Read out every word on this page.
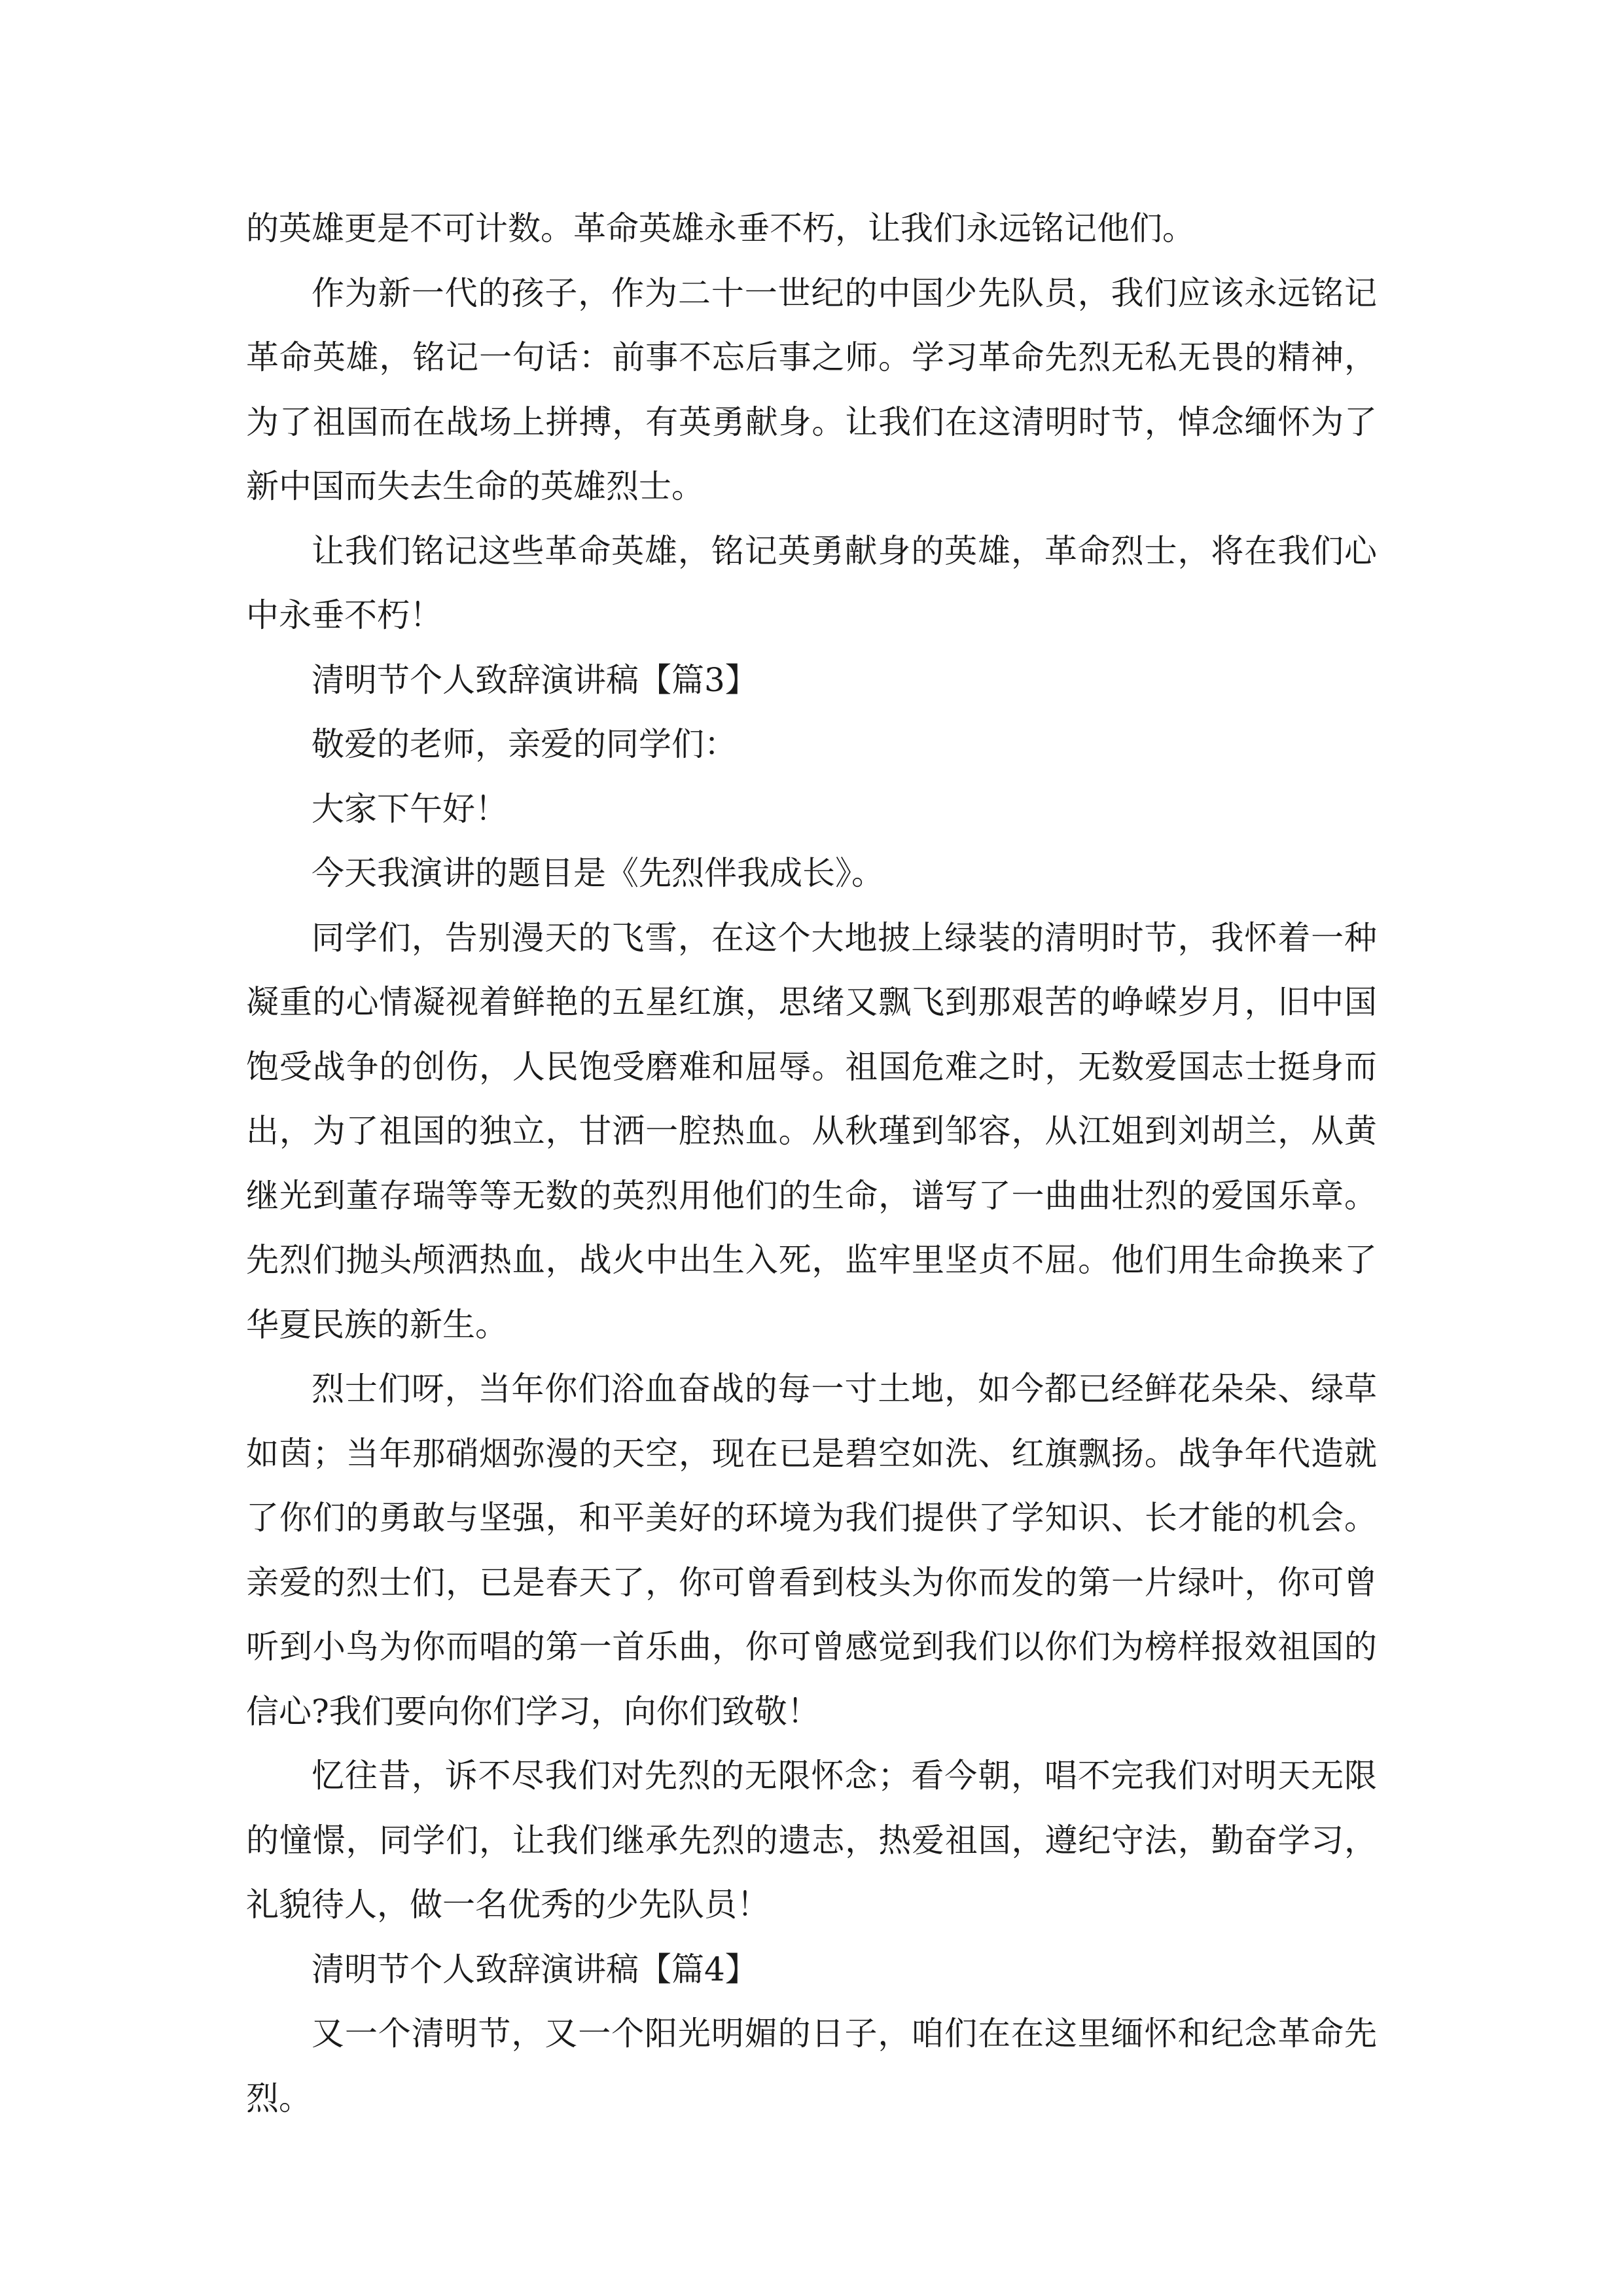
的英雄更是不可计数。革命英雄永垂不朽，让我们永远铭记他们。

作为新一代的孩子，作为二十一世纪的中国少先队员，我们应该永远铭记革命英雄，铭记一句话：前事不忘后事之师。学习革命先烈无私无畏的精神，为了祖国而在战场上拼搏，有英勇献身。让我们在这清明时节，悼念缅怀为了新中国而失去生命的英雄烈士。

让我们铭记这些革命英雄，铭记英勇献身的英雄，革命烈士，将在我们心中永垂不朽！

清明节个人致辞演讲稿【篇3】

敬爱的老师，亲爱的同学们：

大家下午好！

今天我演讲的题目是《先烈伴我成长》。

同学们，告别漫天的飞雪，在这个大地披上绿装的清明时节，我怀着一种凝重的心情凝视着鲜艳的五星红旗，思绪又飘飞到那艰苦的峥嵘岁月，旧中国饱受战争的创伤，人民饱受磨难和屈辱。祖国危难之时，无数爱国志士挺身而出，为了祖国的独立，甘洒一腔热血。从秋瑾到邹容，从江姐到刘胡兰，从黄继光到董存瑞等等无数的英烈用他们的生命，谱写了一曲曲壮烈的爱国乐章。先烈们抛头颅洒热血，战火中出生入死，监牢里坚贞不屈。他们用生命换来了华夏民族的新生。

烈士们呀，当年你们浴血奋战的每一寸土地，如今都已经鲜花朵朵、绿草如茵；当年那硝烟弥漫的天空，现在已是碧空如洗、红旗飘扬。战争年代造就了你们的勇敢与坚强，和平美好的环境为我们提供了学知识、长才能的机会。亲爱的烈士们，已是春天了，你可曾看到枝头为你而发的第一片绿叶，你可曾听到小鸟为你而唱的第一首乐曲，你可曾感觉到我们以你们为榜样报效祖国的信心?我们要向你们学习，向你们致敬！

忆往昔，诉不尽我们对先烈的无限怀念；看今朝，唱不完我们对明天无限的憧憬，同学们，让我们继承先烈的遗志，热爱祖国，遵纪守法，勤奋学习，礼貌待人，做一名优秀的少先队员！

清明节个人致辞演讲稿【篇4】

又一个清明节，又一个阳光明媚的日子，咱们在在这里缅怀和纪念革命先烈。
